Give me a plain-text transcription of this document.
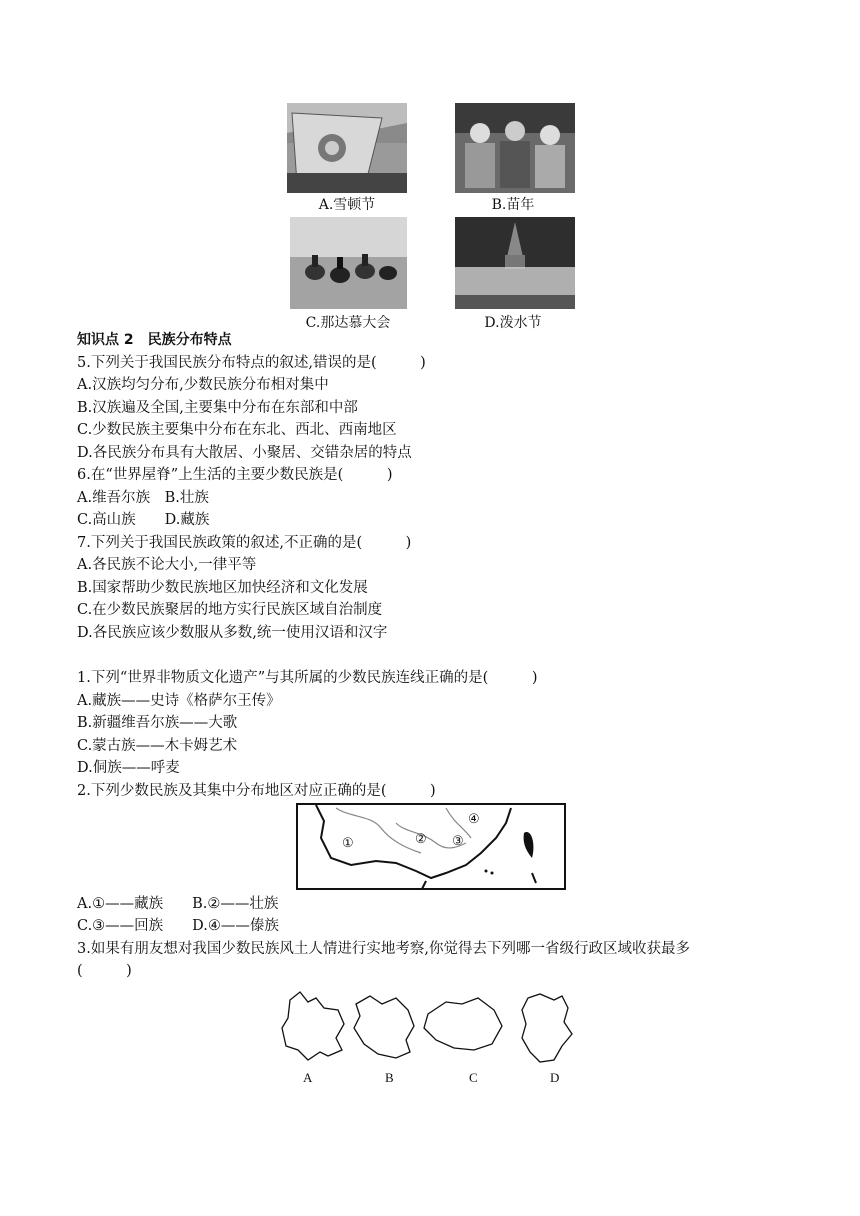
A.雪顿节	B.苗年
C.那达慕大会	D.泼水节
知识点 2　民族分布特点
5.下列关于我国民族分布特点的叙述,错误的是(　　　)
A.汉族均匀分布,少数民族分布相对集中
B.汉族遍及全国,主要集中分布在东部和中部
C.少数民族主要集中分布在东北、西北、西南地区
D.各民族分布具有大散居、小聚居、交错杂居的特点
6.在“世界屋脊”上生活的主要少数民族是(　　　)
A.维吾尔族　B.壮族
C.高山族　　D.藏族
7.下列关于我国民族政策的叙述,不正确的是(　　　)
A.各民族不论大小,一律平等
B.国家帮助少数民族地区加快经济和文化发展
C.在少数民族聚居的地方实行民族区域自治制度
D.各民族应该少数服从多数,统一使用汉语和汉字
1.下列“世界非物质文化遗产”与其所属的少数民族连线正确的是(　　　)
A.藏族——史诗《格萨尔王传》
B.新疆维吾尔族——大歌
C.蒙古族——木卡姆艺术
D.侗族——呼麦
2.下列少数民族及其集中分布地区对应正确的是(　　　)
①	② ③
④
A.①——藏族　　B.②——壮族
C.③——回族　　D.④——傣族
3.如果有朋友想对我国少数民族风土人情进行实地考察,你觉得去下列哪一省级行政区域收获最多
(　　　)
A	B	C	D
